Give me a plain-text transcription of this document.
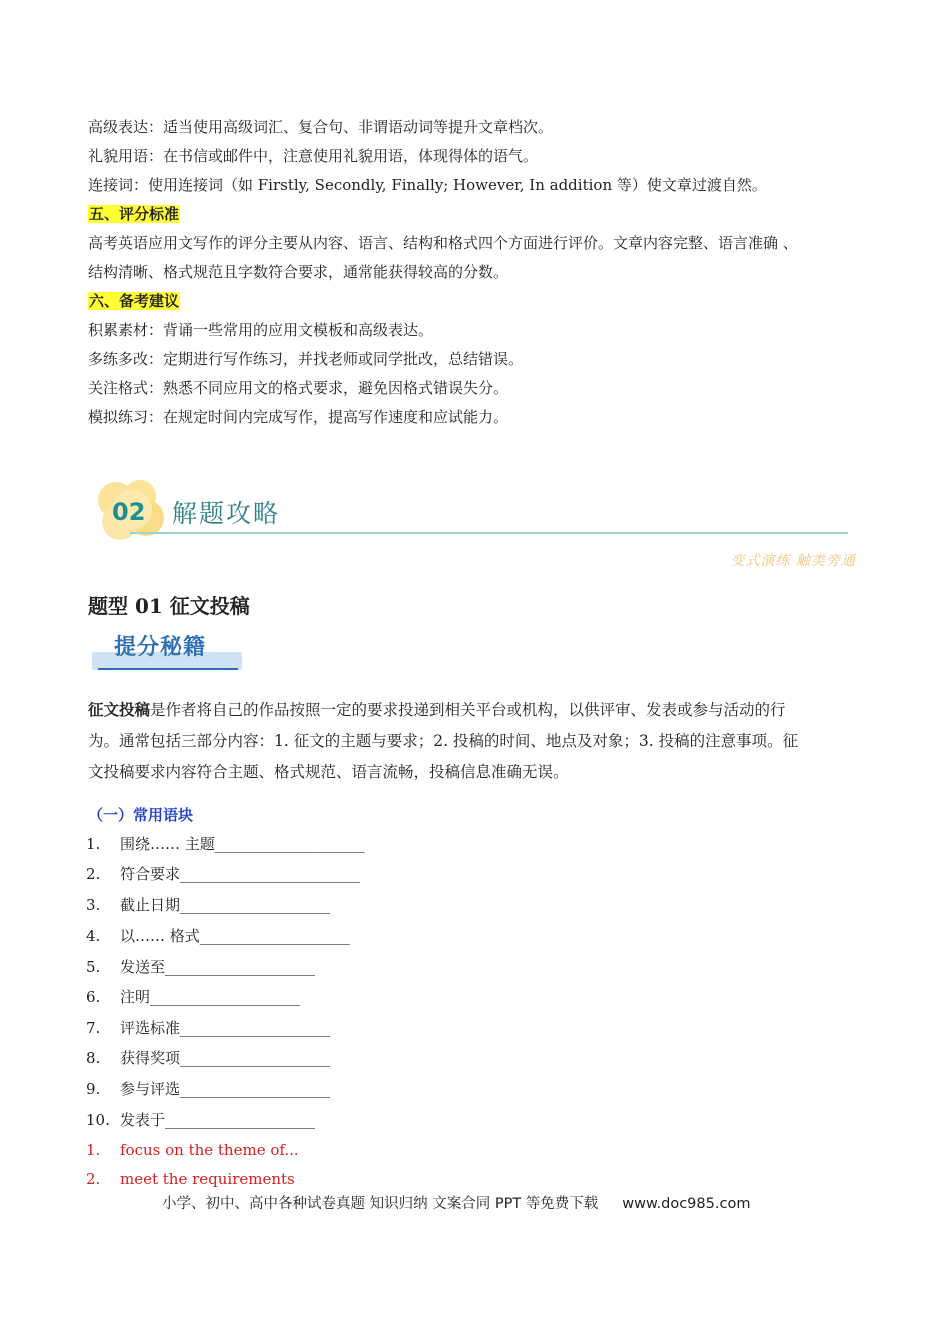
高级表达：适当使用高级词汇、复合句、非谓语动词等提升文章档次。
礼貌用语：在书信或邮件中，注意使用礼貌用语，体现得体的语气。
连接词：使用连接词（如 Firstly, Secondly, Finally; However, In addition 等）使文章过渡自然。
五、评分标准
高考英语应用文写作的评分主要从内容、语言、结构和格式四个方面进行评价。文章内容完整、语言准确 、
结构清晰、格式规范且字数符合要求，通常能获得较高的分数。
六、备考建议
积累素材：背诵一些常用的应用文模板和高级表达。
多练多改：定期进行写作练习，并找老师或同学批改，总结错误。
关注格式：熟悉不同应用文的格式要求，避免因格式错误失分。
模拟练习：在规定时间内完成写作，提高写作速度和应试能力。
02 解题攻略
变式演练 触类旁通
题型 01 征文投稿
提分秘籍
征文投稿是作者将自己的作品按照一定的要求投递到相关平台或机构，以供评审、发表或参与活动的行
为。通常包括三部分内容：1. 征文的主题与要求；2. 投稿的时间、地点及对象；3. 投稿的注意事项。征
文投稿要求内容符合主题、格式规范、语言流畅，投稿信息准确无误。
（一）常用语块
1. 围绕…… 主题____________________
2. 符合要求________________________
3. 截止日期____________________
4. 以…… 格式____________________
5. 发送至____________________
6. 注明____________________
7. 评选标准____________________
8. 获得奖项____________________
9. 参与评选____________________
10. 发表于____________________
1. focus on the theme of...
2. meet the requirements
小学、初中、高中各种试卷真题 知识归纳 文案合同 PPT 等免费下载 www.doc985.com
